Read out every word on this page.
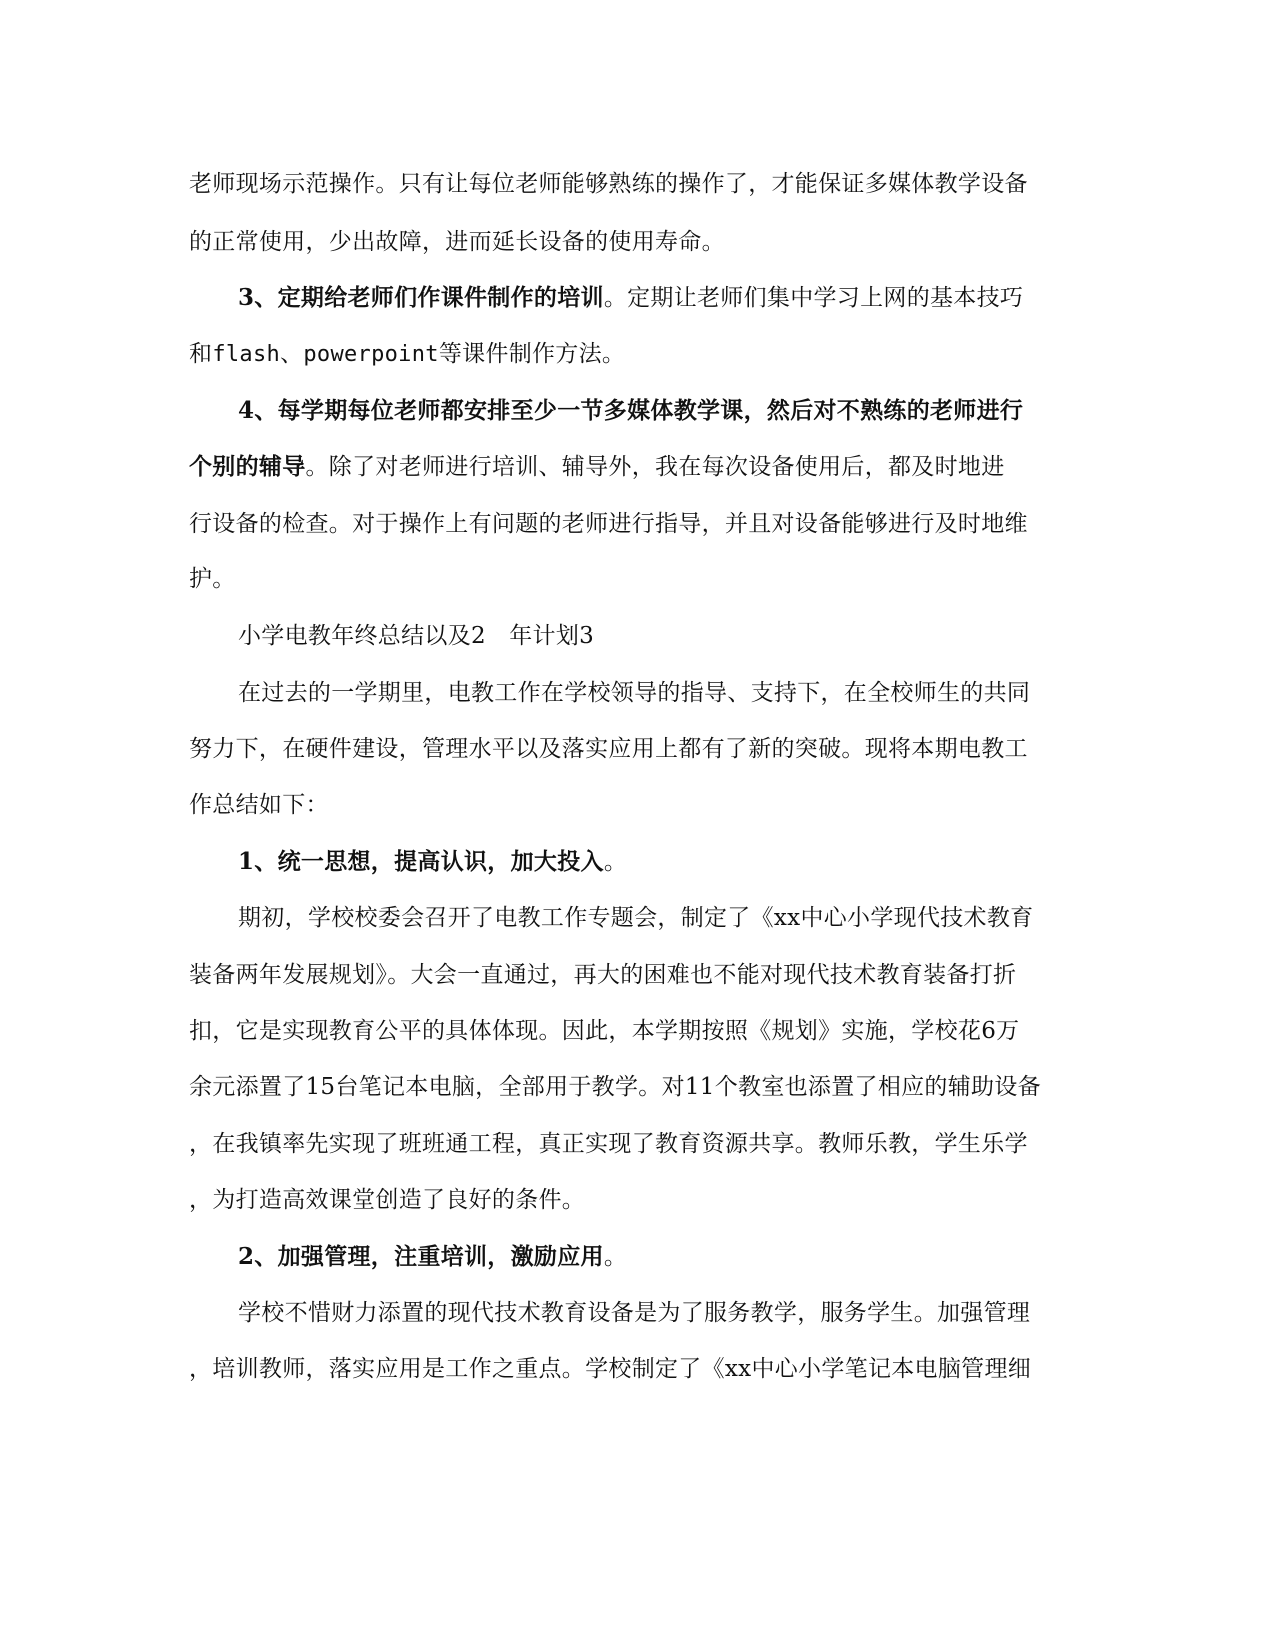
老师现场示范操作。只有让每位老师能够熟练的操作了，才能保证多媒体教学设备
的正常使用，少出故障，进而延长设备的使用寿命。
3、定期给老师们作课件制作的培训。定期让老师们集中学习上网的基本技巧
和flash、powerpoint等课件制作方法。
4、每学期每位老师都安排至少一节多媒体教学课，然后对不熟练的老师进行
个别的辅导。除了对老师进行培训、辅导外，我在每次设备使用后，都及时地进
行设备的检查。对于操作上有问题的老师进行指导，并且对设备能够进行及时地维
护。
小学电教年终总结以及2　年计划3
在过去的一学期里，电教工作在学校领导的指导、支持下，在全校师生的共同
努力下，在硬件建设，管理水平以及落实应用上都有了新的突破。现将本期电教工
作总结如下：
1、统一思想，提高认识，加大投入。
期初，学校校委会召开了电教工作专题会，制定了《xx中心小学现代技术教育
装备两年发展规划》。大会一直通过，再大的困难也不能对现代技术教育装备打折
扣，它是实现教育公平的具体体现。因此，本学期按照《规划》实施，学校花6万
余元添置了15台笔记本电脑，全部用于教学。对11个教室也添置了相应的辅助设备
，在我镇率先实现了班班通工程，真正实现了教育资源共享。教师乐教，学生乐学
，为打造高效课堂创造了良好的条件。
2、加强管理，注重培训，激励应用。
学校不惜财力添置的现代技术教育设备是为了服务教学，服务学生。加强管理
，培训教师，落实应用是工作之重点。学校制定了《xx中心小学笔记本电脑管理细
